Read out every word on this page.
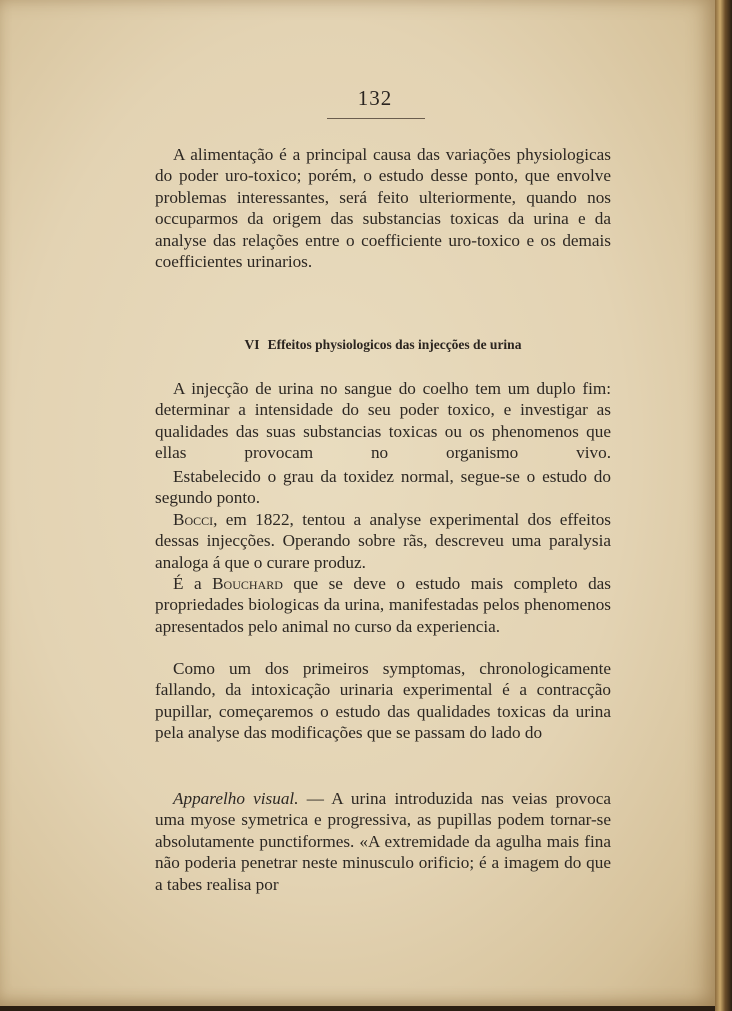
132
A alimentação é a principal causa das variações physiologicas do poder uro-toxico; porém, o estudo desse ponto, que envolve problemas interessantes, será feito ulteriormente, quando nos occuparmos da origem das substancias toxicas da urina e da analyse das relações entre o coefficiente uro-toxico e os demais coefficientes urinarios.
VI Effeitos physiologicos das injecções de urina
A injecção de urina no sangue do coelho tem um duplo fim: determinar a intensidade do seu poder toxico, e investigar as qualidades das suas substancias toxicas ou os phenomenos que ellas provocam no organismo vivo.
Estabelecido o grau da toxidez normal, segue-se o estudo do segundo ponto.
Bocci, em 1822, tentou a analyse experimental dos effeitos dessas injecções. Operando sobre rãs, descreveu uma paralysia analoga á que o curare produz.
É a Bouchard que se deve o estudo mais completo das propriedades biologicas da urina, manifestadas pelos phenomenos apresentados pelo animal no curso da experiencia.
Como um dos primeiros symptomas, chronologicamente fallando, da intoxicação urinaria experimental é a contracção pupillar, começaremos o estudo das qualidades toxicas da urina pela analyse das modificações que se passam do lado do
Apparelho visual. — A urina introduzida nas veias provoca uma myose symetrica e progressiva, as pupillas podem tornar-se absolutamente punctiformes. «A extremidade da agulha mais fina não poderia penetrar neste minusculo orificio; é a imagem do que a tabes realisa por
